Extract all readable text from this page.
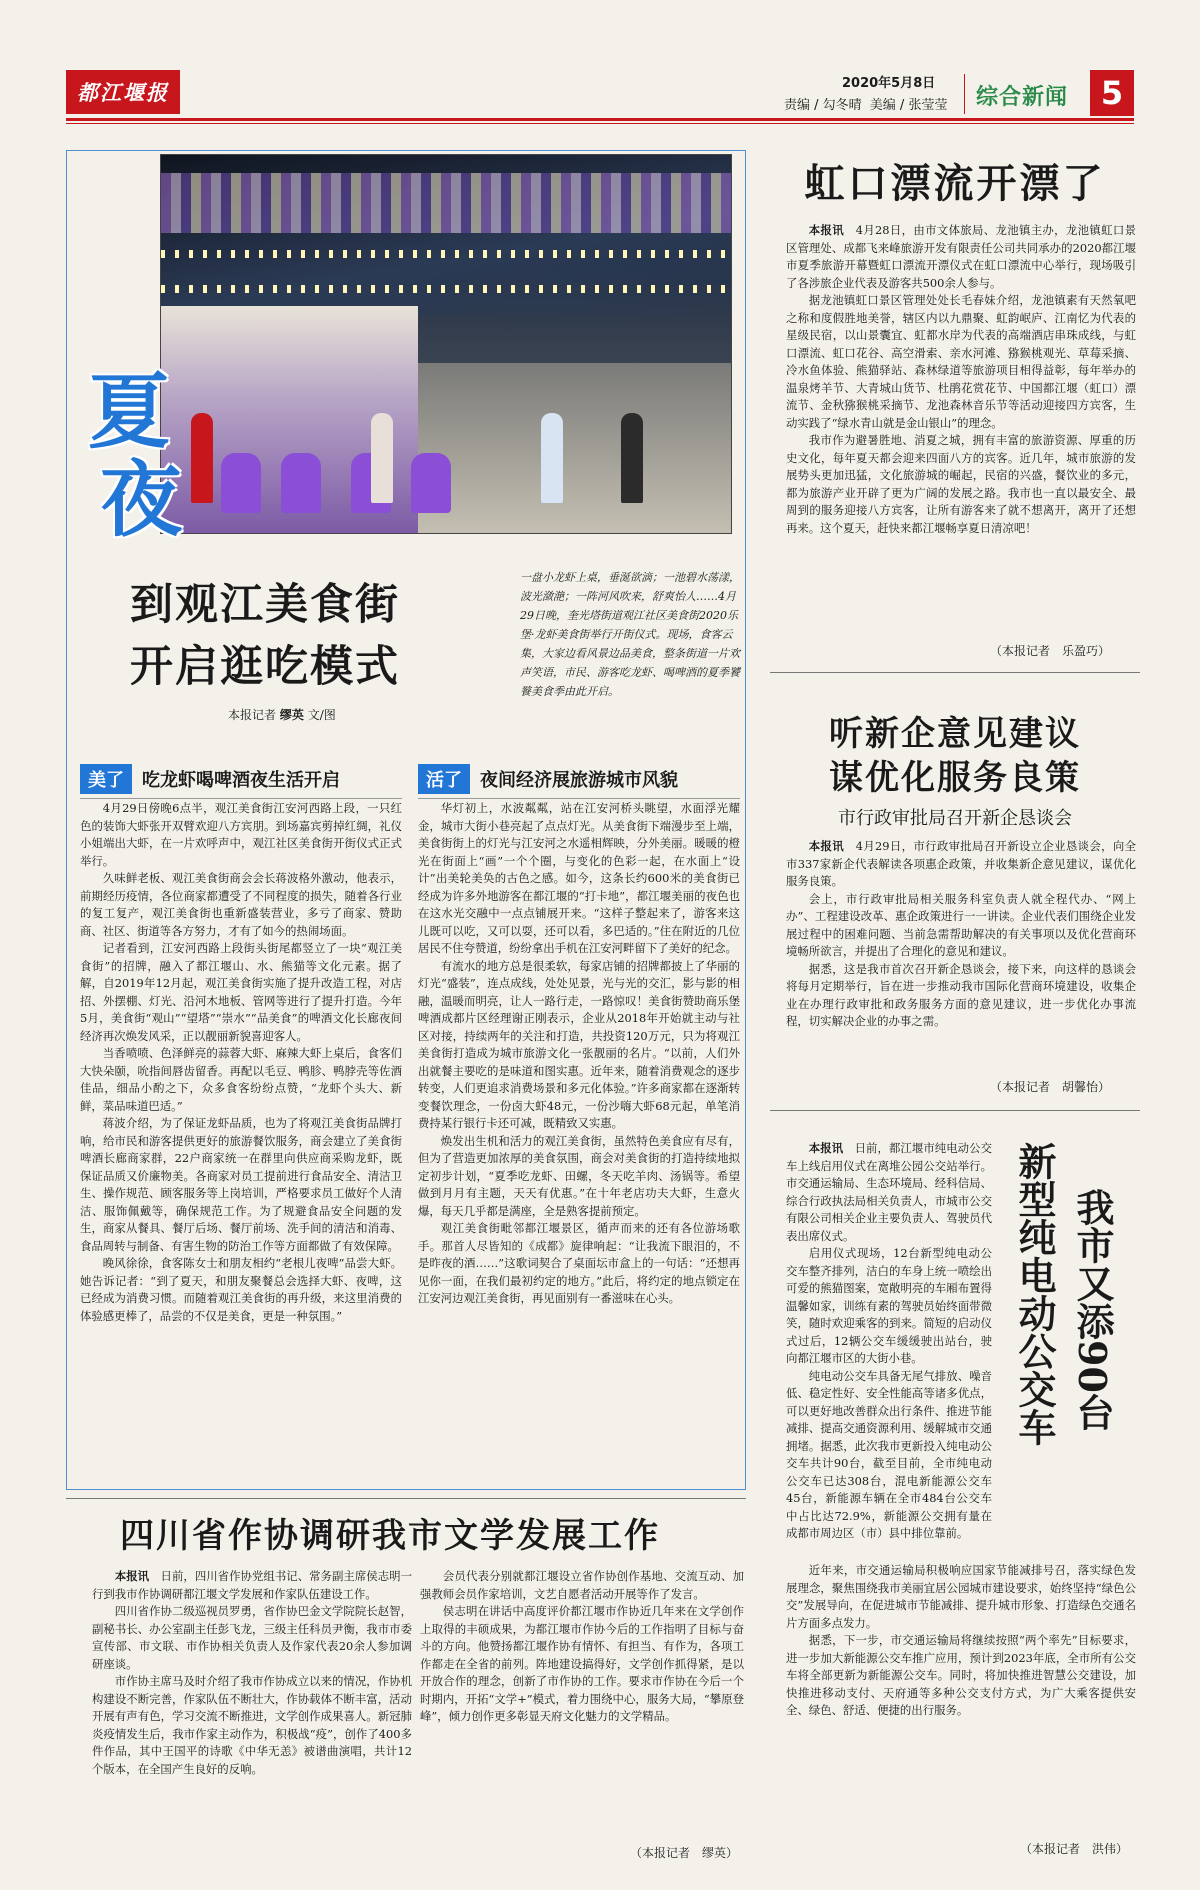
都江堰报	2020年5月8日
责编 / 勾冬晴 美编 / 张莹莹 综合新闻	5
夏
夜
到观江美食街
开启逛吃模式
一盘小龙虾上桌，垂涎欲滴；一池碧水荡漾，波光潋滟；一阵河风吹来，舒爽怡人……4月29日晚，奎光塔街道观江社区美食街2020乐堡·龙虾美食街举行开街仪式。现场，食客云集，大家边看风景边品美食，整条街道一片欢声笑语，市民、游客吃龙虾、喝啤酒的夏季饕餮美食季由此开启。
本报记者 缪英 文/图
美了	吃龙虾喝啤酒夜生活开启	活了	夜间经济展旅游城市风貌

4月29日傍晚6点半，观江美食街江安河西路上段，一只红色的装饰大虾张开双臂欢迎八方宾朋。到场嘉宾剪掉红绸，礼仪小姐端出大虾，在一片欢呼声中，观江社区美食街开街仪式正式举行。

久味鲜老板、观江美食街商会会长蒋波格外激动，他表示，前期经历疫情，各位商家都遭受了不同程度的损失，随着各行业的复工复产，观江美食街也重新盛装营业，多亏了商家、赞助商、社区、街道等各方努力，才有了如今的热闹场面。

记者看到，江安河西路上段街头街尾都竖立了一块“观江美食街”的招牌，融入了都江堰山、水、熊猫等文化元素。据了解，自2019年12月起，观江美食街实施了提升改造工程，对店招、外摆棚、灯光、沿河木地板、管网等进行了提升打造。今年5月，美食街“观山”“望塔”“崇水”“品美食”的啤酒文化长廊夜间经济再次焕发风采，正以靓丽新貌喜迎客人。

当香喷喷、色泽鲜亮的蒜蓉大虾、麻辣大虾上桌后，食客们大快朵颐，吮指间唇齿留香。再配以毛豆、鸭胗、鸭脖壳等佐酒佳品，细品小酌之下，众多食客纷纷点赞，“龙虾个头大、新鲜，菜品味道巴适。”

蒋波介绍，为了保证龙虾品质，也为了将观江美食街品牌打响，给市民和游客提供更好的旅游餐饮服务，商会建立了美食街啤酒长廊商家群，22户商家统一在群里向供应商采购龙虾，既保证品质又价廉物美。各商家对员工提前进行食品安全、清洁卫生、操作规范、顾客服务等上岗培训，严格要求员工做好个人清洁、服饰佩戴等，确保规范工作。为了规避食品安全问题的发生，商家从餐具、餐厅后场、餐厅前场、洗手间的清洁和消毒、食品周转与制备、有害生物的防治工作等方面都做了有效保障。

晚风徐徐，食客陈女士和朋友相约“老根儿夜啤”品尝大虾。她告诉记者：“到了夏天，和朋友聚餐总会选择大虾、夜啤，这已经成为消费习惯。而随着观江美食街的再升级，来这里消费的体验感更棒了，品尝的不仅是美食，更是一种氛围。”

华灯初上，水波粼粼，站在江安河桥头眺望，水面浮光耀金，城市大街小巷亮起了点点灯光。从美食街下端漫步至上端，美食街街上的灯光与江安河之水遥相辉映，分外美丽。暖暖的橙光在街面上“画”一个个圈，与变化的色彩一起，在水面上“设计”出美轮美奂的古色之感。如今，这条长约600米的美食街已经成为许多外地游客在都江堰的“打卡地”，都江堰美丽的夜色也在这水光交融中一点点铺展开来。“这样子整起来了，游客来这儿既可以吃，又可以耍，还可以看，多巴适的。”住在附近的几位居民不住夸赞道，纷纷拿出手机在江安河畔留下了美好的纪念。

有流水的地方总是很柔软，每家店铺的招牌都披上了华丽的灯光“盛装”，连点成线，处处见景，光与光的交汇，影与影的相融，温暖而明亮，让人一路行走，一路惊叹！美食街赞助商乐堡啤酒成都片区经理谢正刚表示，企业从2018年开始就主动与社区对接，持续两年的关注和打造，共投资120万元，只为将观江美食街打造成为城市旅游文化一张靓丽的名片。“以前，人们外出就餐主要吃的是味道和图实惠。近年来，随着消费观念的逐步转变，人们更追求消费场景和多元化体验。”许多商家都在逐渐转变餐饮理念，一份卤大虾48元，一份沙嗨大虾68元起，单笔消费持某行银行卡还可减，既精致又实惠。

焕发出生机和活力的观江美食街，虽然特色美食应有尽有，但为了营造更加浓厚的美食氛围，商会对美食街的打造持续地拟定初步计划，“夏季吃龙虾、田螺，冬天吃羊肉、汤锅等。希望做到月月有主题，天天有优惠。”在十年老店功夫大虾，生意火爆，每天几乎都是满座，全是熟客提前预定。

观江美食街毗邻都江堰景区，循声而来的还有各位游场歌手。那首人尽皆知的《成都》旋律响起：“让我流下眼泪的，不是昨夜的酒……”这歌词契合了桌面坛市盒上的一句话：“还想再见你一面，在我们最初约定的地方。”此后，将约定的地点锁定在江安河边观江美食街，再见面别有一番滋味在心头。

虹口漂流开漂了

本报讯　 4月28日，由市文体旅局、龙池镇主办，龙池镇虹口景区管理处、成都飞来峰旅游开发有限责任公司共同承办的2020都江堰市夏季旅游开幕暨虹口漂流开漂仪式在虹口漂流中心举行，现场吸引了各涉旅企业代表及游客共500余人参与。

据龙池镇虹口景区管理处处长毛春妹介绍，龙池镇素有天然氧吧之称和度假胜地美誉，辖区内以九鼎聚、虹韵岷庐、江南忆为代表的星级民宿，以山景囊宜、虹都水岸为代表的高端酒店串珠成线，与虹口漂流、虹口花谷、高空滑索、亲水河滩、猕猴桃观光、草莓采摘、冷水鱼体验、熊猫驿站、森林绿道等旅游项目相得益彰，每年举办的温泉烤羊节、大青城山货节、杜鹃花赏花节、中国都江堰（虹口）漂流节、金秋猕猴桃采摘节、龙池森林音乐节等活动迎接四方宾客，生动实践了“绿水青山就是金山银山”的理念。

我市作为避暑胜地、消夏之城，拥有丰富的旅游资源、厚重的历史文化，每年夏天都会迎来四面八方的宾客。近几年，城市旅游的发展势头更加迅猛，文化旅游城的崛起，民宿的兴盛，餐饮业的多元，都为旅游产业开辟了更为广阔的发展之路。我市也一直以最安全、最周到的服务迎接八方宾客，让所有游客来了就不想离开，离开了还想再来。这个夏天，赶快来都江堰畅享夏日清凉吧！

（本报记者　乐盈巧）
听新企意见建议
谋优化服务良策
市行政审批局召开新企恳谈会

本报讯　 4月29日，市行政审批局召开新设立企业恳谈会，向全市337家新企代表解读各项惠企政策，并收集新企意见建议，谋优化服务良策。

会上，市行政审批局相关服务科室负责人就全程代办、“网上办”、工程建设改革、惠企政策进行一一讲读。企业代表们围绕企业发展过程中的困难问题、当前急需帮助解决的有关事项以及优化营商环境畅所欲言，并提出了合理化的意见和建议。

据悉，这是我市首次召开新企恳谈会，接下来，向这样的恳谈会将每月定期举行，旨在进一步推动我市国际化营商环境建设，收集企业在办理行政审批和政务服务方面的意见建议，进一步优化办事流程，切实解决企业的办事之需。

（本报记者　胡馨怡）
我市又添90台
新型纯电动公交车

本报讯　 日前，都江堰市纯电动公交车上线启用仪式在离堆公园公交站举行。市交通运输局、生态环境局、经科信局、综合行政执法局相关负责人，市城市公交有限公司相关企业主要负责人、驾驶员代表出席仪式。

启用仪式现场，12台新型纯电动公交车整齐排列，洁白的车身上统一喷绘出可爱的熊猫图案，宽敞明亮的车厢布置得温馨如家，训练有素的驾驶员始终面带微笑，随时欢迎乘客的到来。简短的启动仪式过后，12辆公交车缓缓驶出站台，驶向都江堰市区的大街小巷。

纯电动公交车具备无尾气排放、噪音低、稳定性好、安全性能高等诸多优点，可以更好地改善群众出行条件、推进节能减排、提高交通资源利用、缓解城市交通拥堵。据悉，此次我市更新投入纯电动公交车共计90台，截至目前，全市纯电动公交车已达308台，混电新能源公交车45台，新能源车辆在全市484台公交车中占比达72.9%，新能源公交拥有量在成都市周边区（市）县中排位靠前。

近年来，市交通运输局积极响应国家节能减排号召，落实绿色发展理念，聚焦围绕我市美丽宜居公园城市建设要求，始终坚持“绿色公交”发展导向，在促进城市节能减排、提升城市形象、打造绿色交通名片方面多点发力。

据悉，下一步，市交通运输局将继续按照“两个率先”目标要求，进一步加大新能源公交车推广应用，预计到2023年底，全市所有公交车将全部更新为新能源公交车。同时，将加快推进智慧公交建设，加快推进移动支付、天府通等多种公交支付方式，为广大乘客提供安全、绿色、舒适、便捷的出行服务。

（本报记者　洪伟）
四川省作协调研我市文学发展工作

本报讯　 日前，四川省作协党组书记、常务副主席侯志明一行到我市作协调研都江堰文学发展和作家队伍建设工作。

四川省作协二级巡视员罗勇，省作协巴金文学院院长赵智，副秘书长、办公室副主任彭飞龙，三级主任科员尹衡，我市市委宣传部、市文联、市作协相关负责人及作家代表20余人参加调研座谈。

市作协主席马及时介绍了我市作协成立以来的情况，作协机构建设不断完善，作家队伍不断壮大，作协载体不断丰富，活动开展有声有色，学习交流不断推进，文学创作成果喜人。新冠肺炎疫情发生后，我市作家主动作为，积极战“疫”，创作了400多件作品，其中王国平的诗歌《中华无恙》被谱曲演唱，共计12个版本，在全国产生良好的反响。

会员代表分别就都江堰设立省作协创作基地、交流互动、加强教师会员作家培训，文艺自愿者活动开展等作了发言。

侯志明在讲话中高度评价都江堰市作协近几年来在文学创作上取得的丰硕成果，为都江堰市作协今后的工作指明了目标与奋斗的方向。他赞扬都江堰作协有情怀、有担当、有作为，各项工作都走在全省的前列。阵地建设搞得好，文学创作抓得紧，是以开放合作的理念，创新了市作协的工作。要求市作协在今后一个时期内，开拓“文学+”模式，着力围绕中心，服务大局，“攀原登峰”，倾力创作更多彰显天府文化魅力的文学精品。

（本报记者　缪英）
